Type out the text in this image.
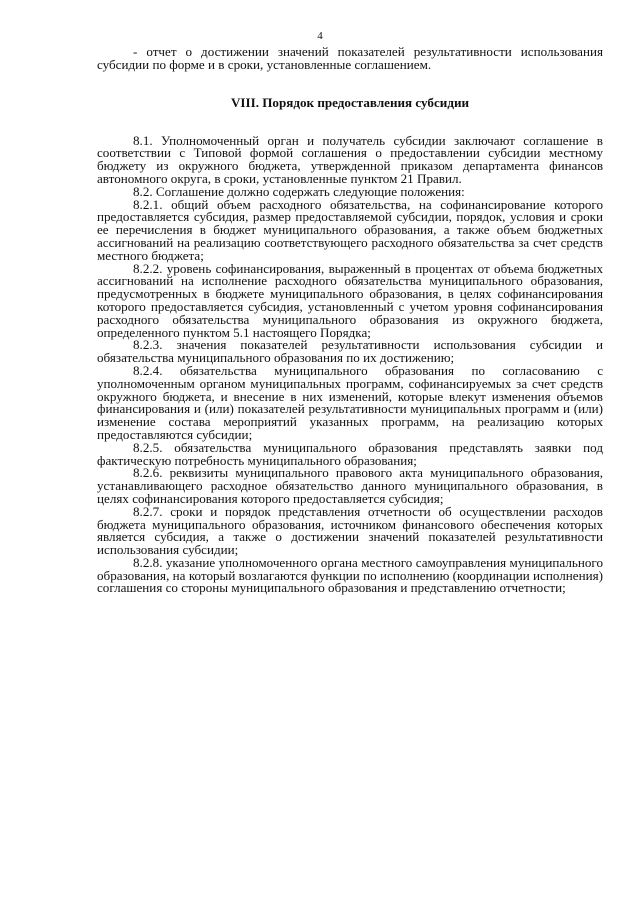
4

- отчет о достижении значений показателей результативности использования субсидии по форме и в сроки, установленные соглашением.

VIII. Порядок предоставления субсидии

8.1. Уполномоченный орган и получатель субсидии заключают соглашение в соответствии с Типовой формой соглашения о предоставлении субсидии местному бюджету из окружного бюджета, утвержденной приказом департамента финансов автономного округа, в сроки, установленные пунктом 21 Правил.

8.2. Соглашение должно содержать следующие положения:

8.2.1. общий объем расходного обязательства, на софинансирование которого предоставляется субсидия, размер предоставляемой субсидии, порядок, условия и сроки ее перечисления в бюджет муниципального образования, а также объем бюджетных ассигнований на реализацию соответствующего расходного обязательства за счет средств местного бюджета;

8.2.2. уровень софинансирования, выраженный в процентах от объема бюджетных ассигнований на исполнение расходного обязательства муниципального образования, предусмотренных в бюджете муниципального образования, в целях софинансирования которого предоставляется субсидия, установленный с учетом уровня софинансирования расходного обязательства муниципального образования из окружного бюджета, определенного пунктом 5.1 настоящего Порядка;

8.2.3. значения показателей результативности использования субсидии и обязательства муниципального образования по их достижению;

8.2.4. обязательства муниципального образования по согласованию с уполномоченным органом муниципальных программ, софинансируемых за счет средств окружного бюджета, и внесение в них изменений, которые влекут изменения объемов финансирования и (или) показателей результативности муниципальных программ и (или) изменение состава мероприятий указанных программ, на реализацию которых предоставляются субсидии;

8.2.5. обязательства муниципального образования представлять заявки под фактическую потребность муниципального образования;

8.2.6. реквизиты муниципального правового акта муниципального образования, устанавливающего расходное обязательство данного муниципального образования, в целях софинансирования которого предоставляется субсидия;

8.2.7. сроки и порядок представления отчетности об осуществлении расходов бюджета муниципального образования, источником финансового обеспечения которых является субсидия, а также о достижении значений показателей результативности использования субсидии;

8.2.8. указание уполномоченного органа местного самоуправления муниципального образования, на который возлагаются функции по исполнению (координации исполнения) соглашения со стороны муниципального образования и представлению отчетности;
